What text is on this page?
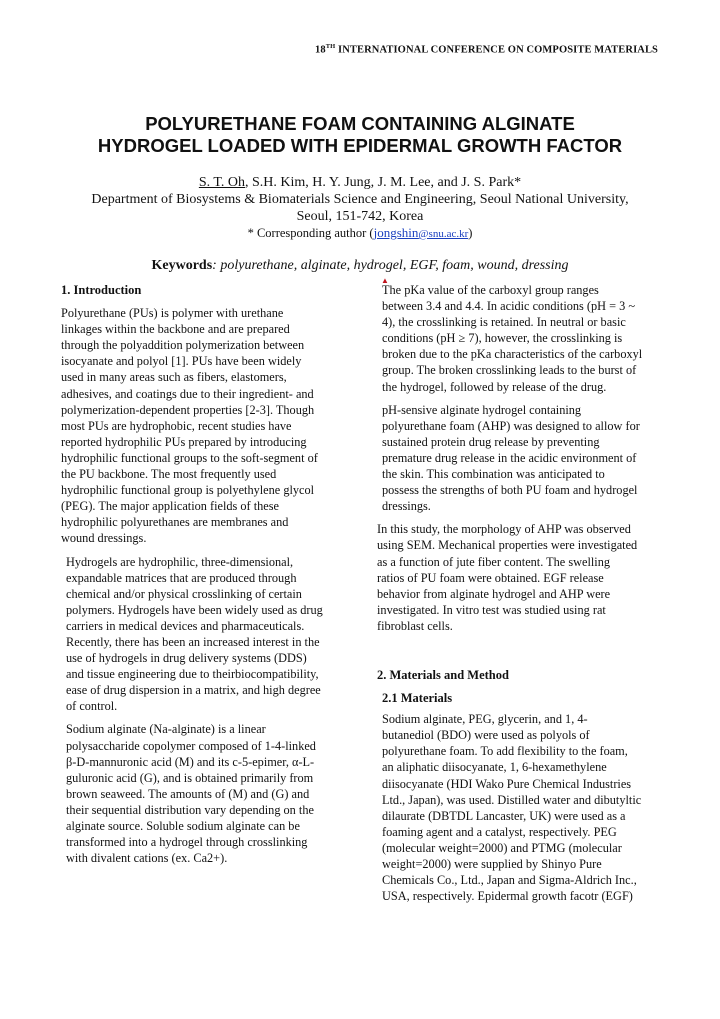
18TH INTERNATIONAL CONFERENCE ON COMPOSITE MATERIALS
POLYURETHANE FOAM CONTAINING ALGINATE
HYDROGEL LOADED WITH EPIDERMAL GROWTH FACTOR
S. T. Oh, S.H. Kim, H. Y. Jung, J. M. Lee, and J. S. Park*
Department of Biosystems & Biomaterials Science and Engineering, Seoul National University,
Seoul, 151-742, Korea
* Corresponding author (jongshin@snu.ac.kr)
Keywords: polyurethane, alginate, hydrogel, EGF, foam, wound, dressing
▲
1. Introduction

Polyurethane (PUs) is polymer with urethane
linkages within the backbone and are prepared
through the polyaddition polymerization between
isocyanate and polyol [1]. PUs have been widely
used in many areas such as fibers, elastomers,
adhesives, and coatings due to their ingredient- and
polymerization-dependent properties [2-3]. Though
most PUs are hydrophobic, recent studies have
reported hydrophilic PUs prepared by introducing
hydrophilic functional groups to the soft-segment of
the PU backbone. The most frequently used
hydrophilic functional group is polyethylene glycol
(PEG). The major application fields of these
hydrophilic polyurethanes are membranes and
wound dressings.

Hydrogels are hydrophilic, three-dimensional,
expandable matrices that are produced through
chemical and/or physical crosslinking of certain
polymers. Hydrogels have been widely used as drug
carriers in medical devices and pharmaceuticals.
Recently, there has been an increased interest in the
use of hydrogels in drug delivery systems (DDS)
and tissue engineering due to theirbiocompatibility,
ease of drug dispersion in a matrix, and high degree
of control.

Sodium alginate (Na-alginate) is a linear
polysaccharide copolymer composed of 1-4-linked
β-D-mannuronic acid (M) and its c-5-epimer, α-L-
guluronic acid (G), and is obtained primarily from
brown seaweed. The amounts of (M) and (G) and
their sequential distribution vary depending on the
alginate source. Soluble sodium alginate can be
transformed into a hydrogel through crosslinking
with divalent cations (ex. Ca2+).

The pKa value of the carboxyl group ranges
between 3.4 and 4.4. In acidic conditions (pH = 3 ~
4), the crosslinking is retained. In neutral or basic
conditions (pH ≥ 7), however, the crosslinking is
broken due to the pKa characteristics of the carboxyl
group. The broken crosslinking leads to the burst of
the hydrogel, followed by release of the drug.

pH-sensive alginate hydrogel containing
polyurethane foam (AHP) was designed to allow for
sustained protein drug release by preventing
premature drug release in the acidic environment of
the skin. This combination was anticipated to
possess the strengths of both PU foam and hydrogel
dressings.

In this study, the morphology of AHP was observed
using SEM. Mechanical properties were investigated
as a function of jute fiber content. The swelling
ratios of PU foam were obtained. EGF release
behavior from alginate hydrogel and AHP were
investigated. In vitro test was studied using rat
fibroblast cells.

2. Materials and Method
2.1 Materials

Sodium alginate, PEG, glycerin, and 1, 4-
butanediol (BDO) were used as polyols of
polyurethane foam. To add flexibility to the foam,
an aliphatic diisocyanate, 1, 6-hexamethylene
diisocyanate (HDI Wako Pure Chemical Industries
Ltd., Japan), was used. Distilled water and dibutyltic
dilaurate (DBTDL Lancaster, UK) were used as a
foaming agent and a catalyst, respectively. PEG
(molecular weight=2000) and PTMG (molecular
weight=2000) were supplied by Shinyo Pure
Chemicals Co., Ltd., Japan and Sigma-Aldrich Inc.,
USA, respectively. Epidermal growth facotr (EGF)
